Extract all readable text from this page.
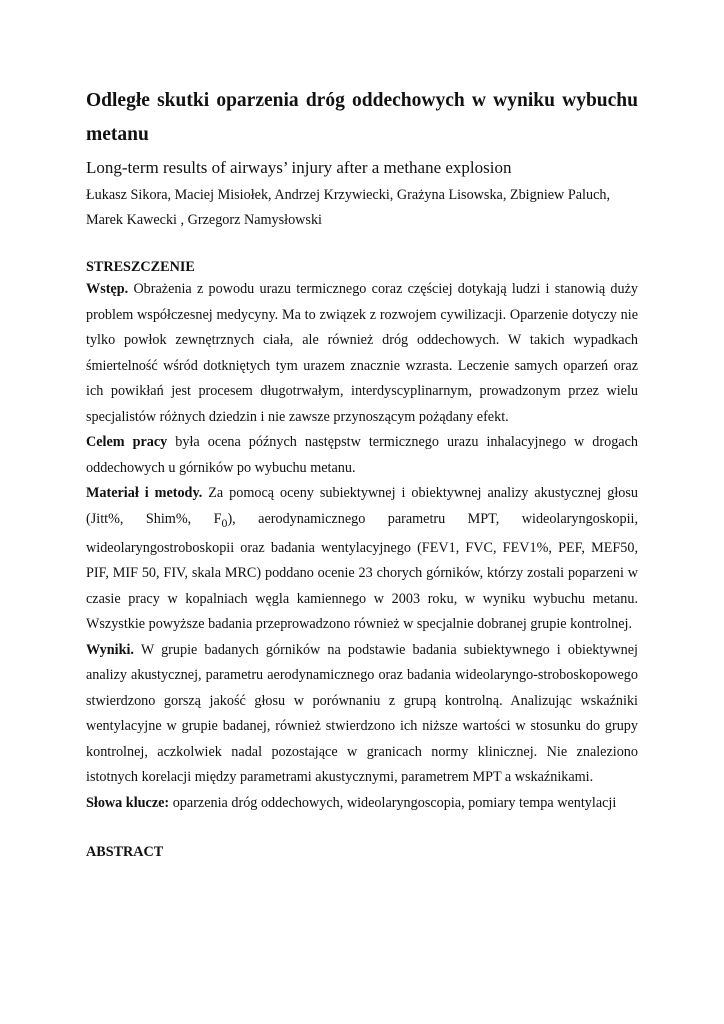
Odległe skutki oparzenia dróg oddechowych w wyniku wybuchu metanu

Long-term results of airways’ injury after a methane explosion

Łukasz Sikora, Maciej Misiołek, Andrzej Krzywiecki, Grażyna Lisowska, Zbigniew Paluch, Marek Kawecki , Grzegorz Namysłowski

STRESZCZENIE

Wstęp. Obrażenia z powodu urazu termicznego coraz częściej dotykają ludzi i stanowią duży problem współczesnej medycyny. Ma to związek z rozwojem cywilizacji. Oparzenie dotyczy nie tylko powłok zewnętrznych ciała, ale również dróg oddechowych. W takich wypadkach śmiertelność wśród dotkniętych tym urazem znacznie wzrasta. Leczenie samych oparzeń oraz ich powikłań jest procesem długotrwałym, interdyscyplinarnym, prowadzonym przez wielu specjalistów różnych dziedzin i nie zawsze przynoszącym pożądany efekt.

Celem pracy była ocena późnych następstw termicznego urazu inhalacyjnego w drogach oddechowych u górników po wybuchu metanu.

Materiał i metody. Za pomocą oceny subiektywnej i obiektywnej analizy akustycznej głosu (Jitt%, Shim%, $F_0$), aerodynamicznego parametru MPT, wideolaryngoskopii, wideolaryngostroboskopii oraz badania wentylacyjnego (FEV1, FVC, FEV1%, PEF, MEF50, PIF, MIF 50, FIV, skala MRC) poddano ocenie 23 chorych górników, którzy zostali poparzeni w czasie pracy w kopalniach węgla kamiennego w 2003 roku, w wyniku wybuchu metanu. Wszystkie powyższe badania przeprowadzono również w specjalnie dobranej grupie kontrolnej.

Wyniki. W grupie badanych górników na podstawie badania subiektywnego i obiektywnej analizy akustycznej, parametru aerodynamicznego oraz badania wideolaryngo-stroboskopowego stwierdzono gorszą jakość głosu w porównaniu z grupą kontrolną. Analizując wskaźniki wentylacyjne w grupie badanej, również stwierdzono ich niższe wartości w stosunku do grupy kontrolnej, aczkolwiek nadal pozostające w granicach normy klinicznej. Nie znaleziono istotnych korelacji między parametrami akustycznymi, parametrem MPT a wskaźnikami.

Słowa klucze: oparzenia dróg oddechowych, wideolaryngoscopia, pomiary tempa wentylacji

ABSTRACT
